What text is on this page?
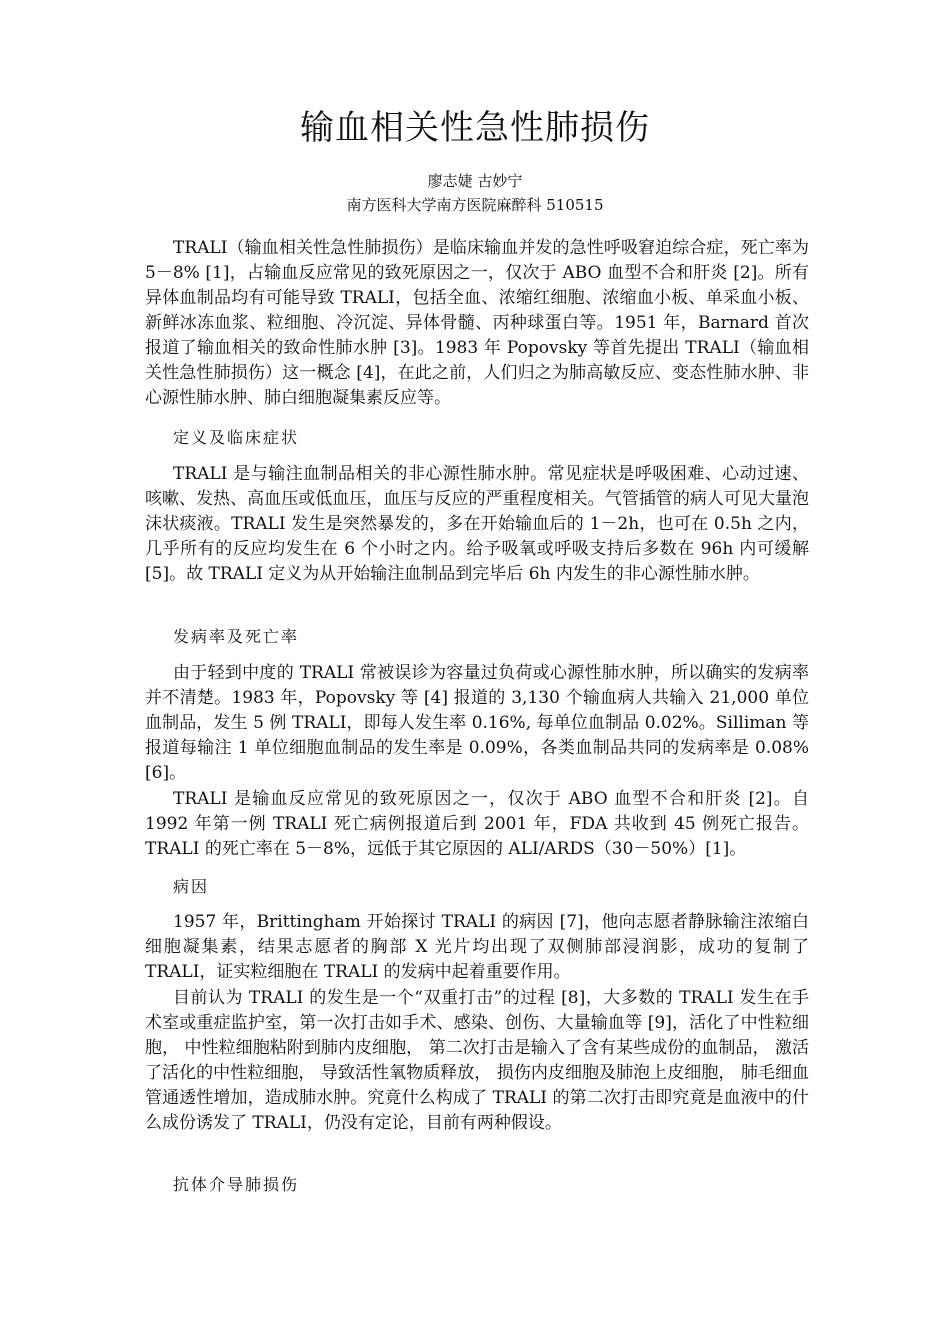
输血相关性急性肺损伤
廖志婕 古妙宁
南方医科大学南方医院麻醉科 510515

TRALI（输血相关性急性肺损伤）是临床输血并发的急性呼吸窘迫综合症，死亡率为 5－8% [1]，占输血反应常见的致死原因之一，仅次于 ABO 血型不合和肝炎 [2]。所有异体血制品均有可能导致 TRALI，包括全血、浓缩红细胞、浓缩血小板、单采血小板、新鲜冰冻血浆、粒细胞、冷沉淀、异体骨髓、丙种球蛋白等。1951 年，Barnard 首次报道了输血相关的致命性肺水肿 [3]。1983 年 Popovsky 等首先提出 TRALI（输血相关性急性肺损伤）这一概念 [4]，在此之前，人们归之为肺高敏反应、变态性肺水肿、非心源性肺水肿、肺白细胞凝集素反应等。

定义及临床症状

TRALI 是与输注血制品相关的非心源性肺水肿。常见症状是呼吸困难、心动过速、咳嗽、发热、高血压或低血压，血压与反应的严重程度相关。气管插管的病人可见大量泡沫状痰液。TRALI 发生是突然暴发的，多在开始输血后的 1－2h，也可在 0.5h 之内，几乎所有的反应均发生在 6 个小时之内。给予吸氧或呼吸支持后多数在 96h 内可缓解 [5]。故 TRALI 定义为从开始输注血制品到完毕后 6h 内发生的非心源性肺水肿。

发病率及死亡率

由于轻到中度的 TRALI 常被误诊为容量过负荷或心源性肺水肿，所以确实的发病率并不清楚。1983 年，Popovsky 等 [4] 报道的 3,130 个输血病人共输入 21,000 单位血制品，发生 5 例 TRALI，即每人发生率 0.16%, 每单位血制品 0.02%。Silliman 等报道每输注 1 单位细胞血制品的发生率是 0.09%，各类血制品共同的发病率是 0.08% [6]。

TRALI 是输血反应常见的致死原因之一，仅次于 ABO 血型不合和肝炎 [2]。自 1992 年第一例 TRALI 死亡病例报道后到 2001 年，FDA 共收到 45 例死亡报告。TRALI 的死亡率在 5－8%，远低于其它原因的 ALI/ARDS（30－50%）[1]。

病因

1957 年，Brittingham 开始探讨 TRALI 的病因 [7]，他向志愿者静脉输注浓缩白细胞凝集素，结果志愿者的胸部 X 光片均出现了双侧肺部浸润影，成功的复制了 TRALI，证实粒细胞在 TRALI 的发病中起着重要作用。

目前认为 TRALI 的发生是一个“双重打击”的过程 [8]，大多数的 TRALI 发生在手术室或重症监护室，第一次打击如手术、感染、创伤、大量输血等 [9]，活化了中性粒细胞， 中性粒细胞粘附到肺内皮细胞， 第二次打击是输入了含有某些成份的血制品， 激活了活化的中性粒细胞， 导致活性氧物质释放， 损伤内皮细胞及肺泡上皮细胞， 肺毛细血管通透性增加，造成肺水肿。究竟什么构成了 TRALI 的第二次打击即究竟是血液中的什么成份诱发了 TRALI，仍没有定论，目前有两种假设。

抗体介导肺损伤
